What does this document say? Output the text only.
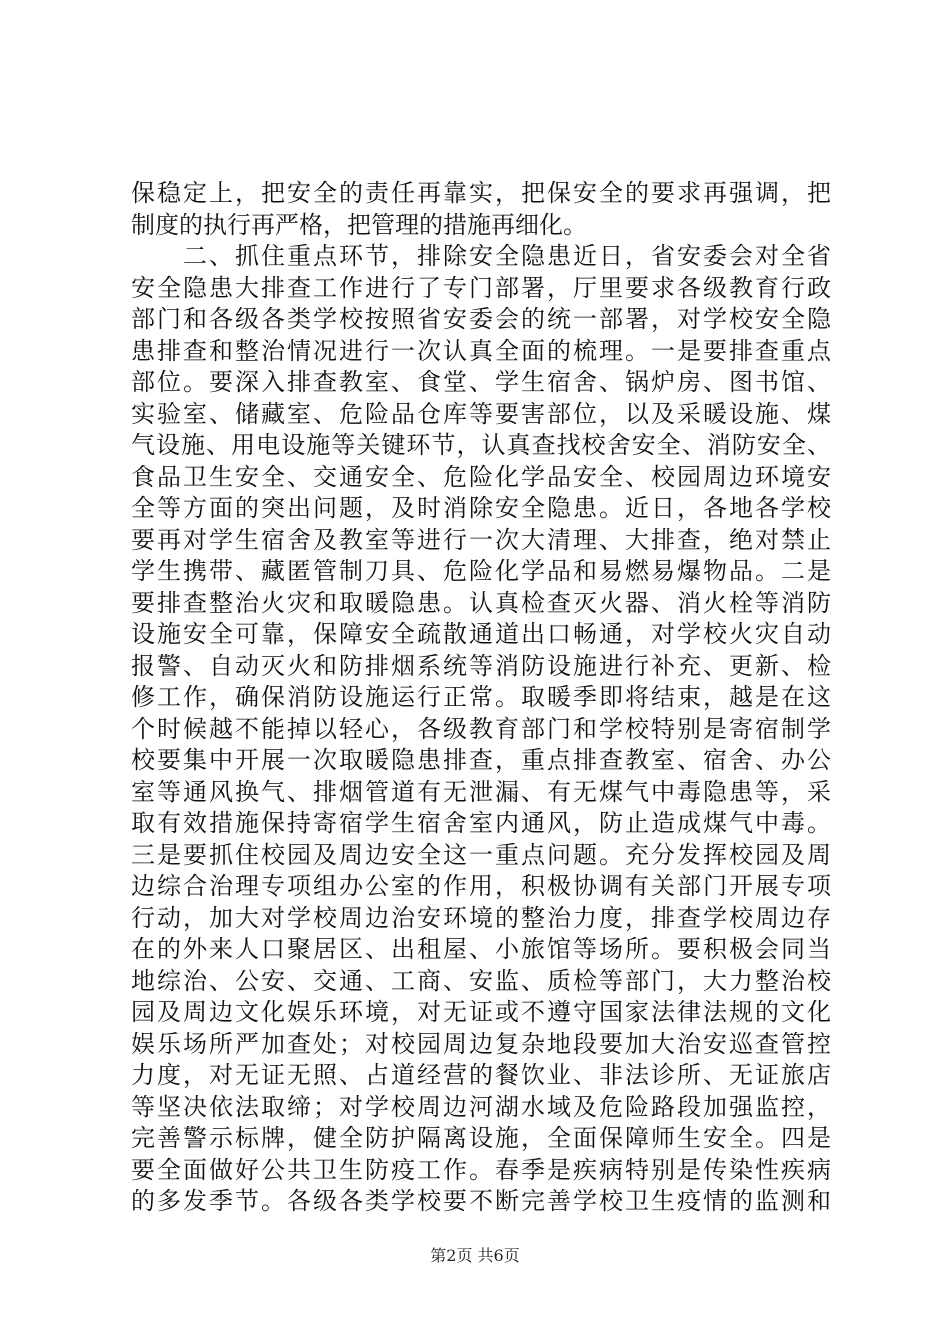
保稳定上，把安全的责任再靠实，把保安全的要求再强调，把
制度的执行再严格，把管理的措施再细化。
　　二、抓住重点环节，排除安全隐患近日，省安委会对全省
安全隐患大排查工作进行了专门部署，厅里要求各级教育行政
部门和各级各类学校按照省安委会的统一部署，对学校安全隐
患排查和整治情况进行一次认真全面的梳理。一是要排查重点
部位。要深入排查教室、食堂、学生宿舍、锅炉房、图书馆、
实验室、储藏室、危险品仓库等要害部位，以及采暖设施、煤
气设施、用电设施等关键环节，认真查找校舍安全、消防安全、
食品卫生安全、交通安全、危险化学品安全、校园周边环境安
全等方面的突出问题，及时消除安全隐患。近日，各地各学校
要再对学生宿舍及教室等进行一次大清理、大排查，绝对禁止
学生携带、藏匿管制刀具、危险化学品和易燃易爆物品。二是
要排查整治火灾和取暖隐患。认真检查灭火器、消火栓等消防
设施安全可靠，保障安全疏散通道出口畅通，对学校火灾自动
报警、自动灭火和防排烟系统等消防设施进行补充、更新、检
修工作，确保消防设施运行正常。取暖季即将结束，越是在这
个时候越不能掉以轻心，各级教育部门和学校特别是寄宿制学
校要集中开展一次取暖隐患排查，重点排查教室、宿舍、办公
室等通风换气、排烟管道有无泄漏、有无煤气中毒隐患等，采
取有效措施保持寄宿学生宿舍室内通风，防止造成煤气中毒。
三是要抓住校园及周边安全这一重点问题。充分发挥校园及周
边综合治理专项组办公室的作用，积极协调有关部门开展专项
行动，加大对学校周边治安环境的整治力度，排查学校周边存
在的外来人口聚居区、出租屋、小旅馆等场所。要积极会同当
地综治、公安、交通、工商、安监、质检等部门，大力整治校
园及周边文化娱乐环境，对无证或不遵守国家法律法规的文化
娱乐场所严加查处；对校园周边复杂地段要加大治安巡查管控
力度，对无证无照、占道经营的餐饮业、非法诊所、无证旅店
等坚决依法取缔；对学校周边河湖水域及危险路段加强监控，
完善警示标牌，健全防护隔离设施，全面保障师生安全。四是
要全面做好公共卫生防疫工作。春季是疾病特别是传染性疾病
的多发季节。各级各类学校要不断完善学校卫生疫情的监测和
第2页 共6页
